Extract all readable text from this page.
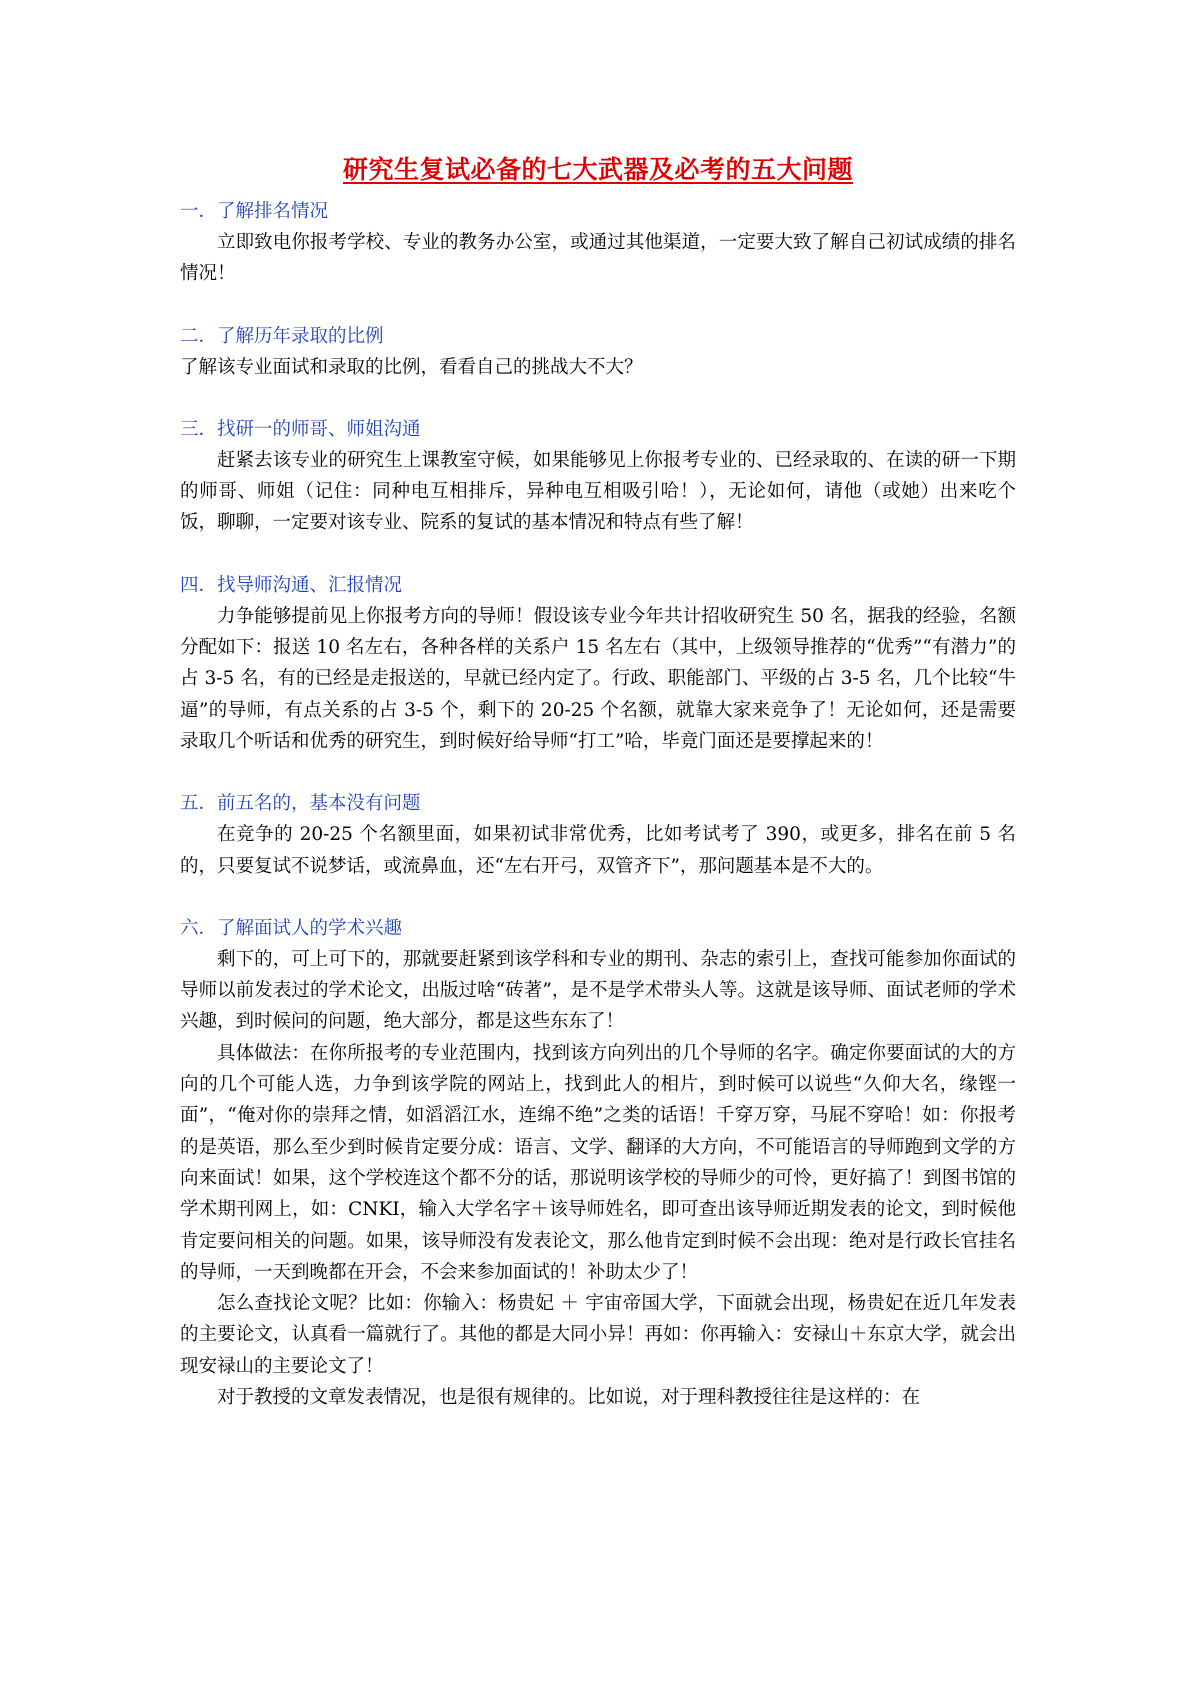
研究生复试必备的七大武器及必考的五大问题

一．了解排名情况

立即致电你报考学校、专业的教务办公室，或通过其他渠道，一定要大致了解自己初试成绩的排名情况！

二．了解历年录取的比例

了解该专业面试和录取的比例，看看自己的挑战大不大？

三．找研一的师哥、师姐沟通

赶紧去该专业的研究生上课教室守候，如果能够见上你报考专业的、已经录取的、在读的研一下期的师哥、师姐（记住：同种电互相排斥，异种电互相吸引哈！），无论如何，请他（或她）出来吃个饭，聊聊，一定要对该专业、院系的复试的基本情况和特点有些了解！

四．找导师沟通、汇报情况

力争能够提前见上你报考方向的导师！假设该专业今年共计招收研究生 50 名，据我的经验，名额分配如下：报送 10 名左右，各种各样的关系户 15 名左右（其中，上级领导推荐的“优秀”“有潜力”的占 3-5 名，有的已经是走报送的，早就已经内定了。行政、职能部门、平级的占 3-5 名，几个比较“牛逼”的导师，有点关系的占 3-5 个，剩下的 20-25 个名额，就靠大家来竞争了！无论如何，还是需要录取几个听话和优秀的研究生，到时候好给导师“打工”哈，毕竟门面还是要撑起来的！

五．前五名的，基本没有问题

在竞争的 20-25 个名额里面，如果初试非常优秀，比如考试考了 390，或更多，排名在前 5 名的，只要复试不说梦话，或流鼻血，还“左右开弓，双管齐下”，那问题基本是不大的。

六．了解面试人的学术兴趣

剩下的，可上可下的，那就要赶紧到该学科和专业的期刊、杂志的索引上，查找可能参加你面试的导师以前发表过的学术论文，出版过啥“砖著”，是不是学术带头人等。这就是该导师、面试老师的学术兴趣，到时候问的问题，绝大部分，都是这些东东了！

具体做法：在你所报考的专业范围内，找到该方向列出的几个导师的名字。确定你要面试的大的方向的几个可能人选，力争到该学院的网站上，找到此人的相片，到时候可以说些“久仰大名，缘铿一面”，“俺对你的崇拜之情，如滔滔江水，连绵不绝”之类的话语！千穿万穿，马屁不穿哈！如：你报考的是英语，那么至少到时候肯定要分成：语言、文学、翻译的大方向，不可能语言的导师跑到文学的方向来面试！如果，这个学校连这个都不分的话，那说明该学校的导师少的可怜，更好搞了！到图书馆的学术期刊网上，如：CNKI，输入大学名字＋该导师姓名，即可查出该导师近期发表的论文，到时候他肯定要问相关的问题。如果，该导师没有发表论文，那么他肯定到时候不会出现：绝对是行政长官挂名的导师，一天到晚都在开会，不会来参加面试的！补助太少了！

怎么查找论文呢？比如：你输入：杨贵妃 ＋ 宇宙帝国大学，下面就会出现，杨贵妃在近几年发表的主要论文，认真看一篇就行了。其他的都是大同小异！再如：你再输入：安禄山＋东京大学，就会出现安禄山的主要论文了！

对于教授的文章发表情况，也是很有规律的。比如说，对于理科教授往往是这样的：在
